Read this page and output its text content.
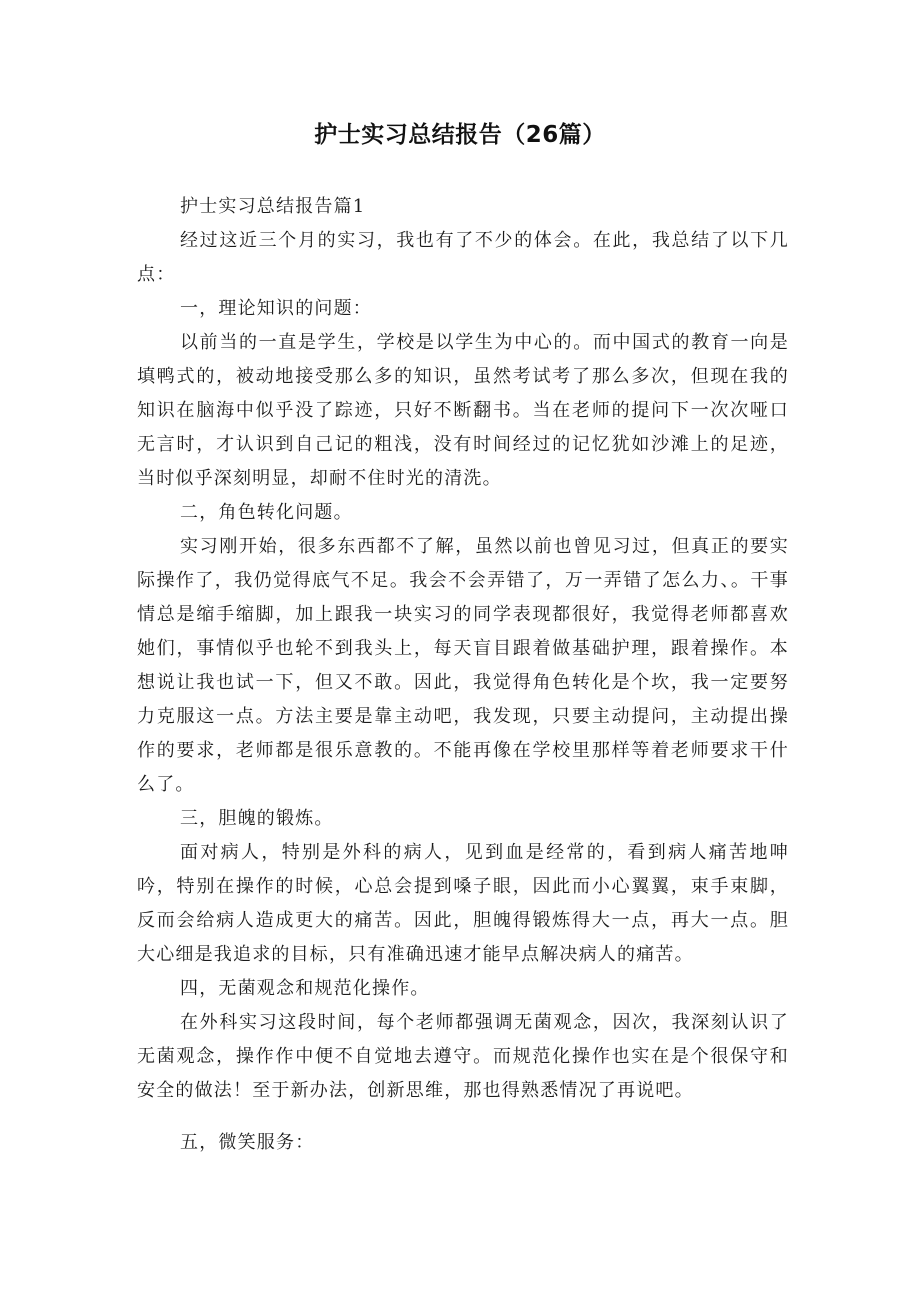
护士实习总结报告（26篇）

护士实习总结报告篇1

经过这近三个月的实习，我也有了不少的体会。在此，我总结了以下几点：

一，理论知识的问题：

以前当的一直是学生，学校是以学生为中心的。而中国式的教育一向是填鸭式的，被动地接受那么多的知识，虽然考试考了那么多次，但现在我的知识在脑海中似乎没了踪迹，只好不断翻书。当在老师的提问下一次次哑口无言时，才认识到自己记的粗浅，没有时间经过的记忆犹如沙滩上的足迹，当时似乎深刻明显，却耐不住时光的清洗。

二，角色转化问题。

实习刚开始，很多东西都不了解，虽然以前也曾见习过，但真正的要实际操作了，我仍觉得底气不足。我会不会弄错了，万一弄错了怎么力、。干事情总是缩手缩脚，加上跟我一块实习的同学表现都很好，我觉得老师都喜欢她们，事情似乎也轮不到我头上，每天盲目跟着做基础护理，跟着操作。本想说让我也试一下，但又不敢。因此，我觉得角色转化是个坎，我一定要努力克服这一点。方法主要是靠主动吧，我发现，只要主动提问，主动提出操作的要求，老师都是很乐意教的。不能再像在学校里那样等着老师要求干什么了。

三，胆魄的锻炼。

面对病人，特别是外科的病人，见到血是经常的，看到病人痛苦地呻吟，特别在操作的时候，心总会提到嗓子眼，因此而小心翼翼，束手束脚，反而会给病人造成更大的痛苦。因此，胆魄得锻炼得大一点，再大一点。胆大心细是我追求的目标，只有准确迅速才能早点解决病人的痛苦。

四，无菌观念和规范化操作。

在外科实习这段时间，每个老师都强调无菌观念，因次，我深刻认识了无菌观念，操作作中便不自觉地去遵守。而规范化操作也实在是个很保守和安全的做法！至于新办法，创新思维，那也得熟悉情况了再说吧。

五，微笑服务：
